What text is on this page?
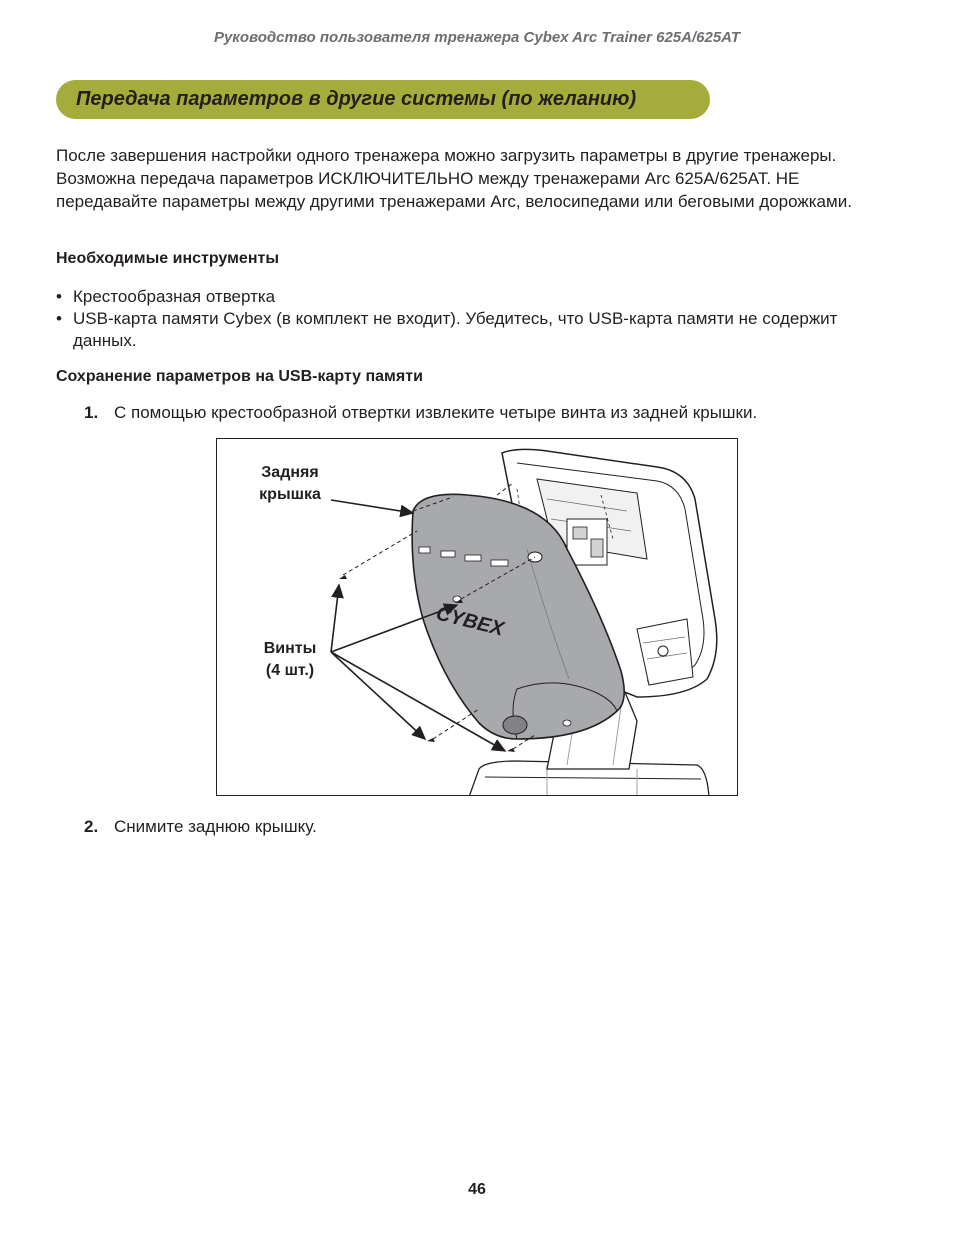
Руководство пользователя тренажера Cybex Arc Trainer 625A/625AT
Передача параметров в другие системы (по желанию)
После завершения настройки одного тренажера можно загрузить параметры в другие тренажеры. Возможна передача параметров ИСКЛЮЧИТЕЛЬНО между тренажерами Arc 625A/625AT. НЕ передавайте параметры между другими тренажерами Arc, велосипедами или беговыми дорожками.
Необходимые инструменты
• Крестообразная отвертка
• USB-карта памяти Cybex (в комплект не входит). Убедитесь, что USB-карта памяти не содержит данных.
Сохранение параметров на USB-карту памяти
1. С помощью крестообразной отвертки извлеките четыре винта из задней крышки.
CYBEX
Задняя
крышка
Винты
(4 шт.)
2. Снимите заднюю крышку.
46
